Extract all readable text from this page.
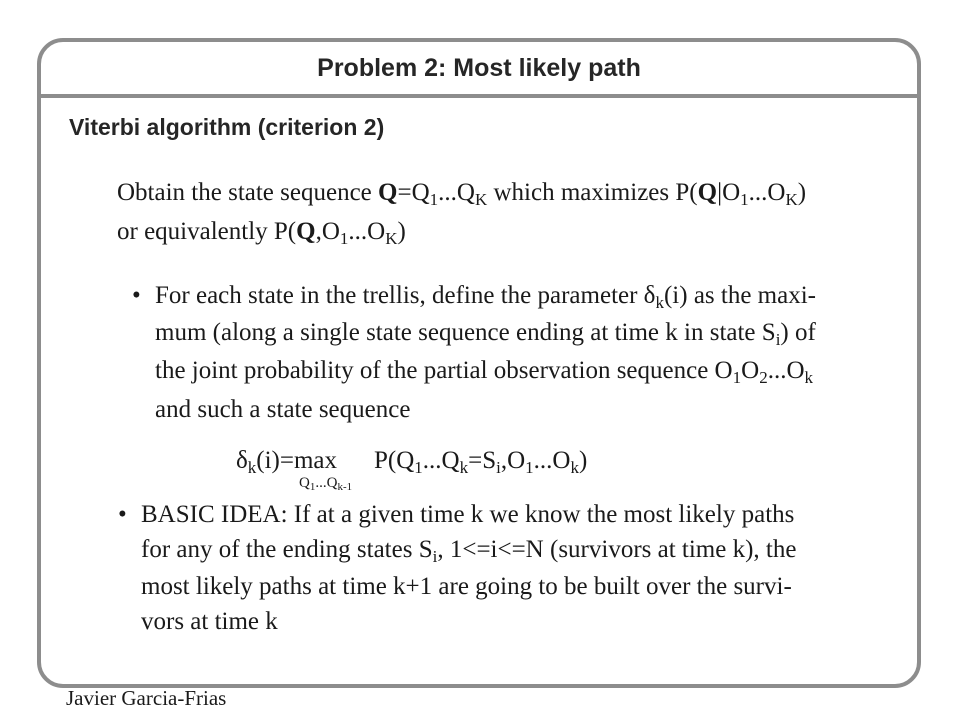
Problem 2: Most likely path
Viterbi algorithm (criterion 2)
Obtain the state sequence $Q=Q_1...Q_K$ which maximizes $P(Q|O_1...O_K)$
or equivalently $P(Q,O_1...O_K)$
• For each state in the trellis, define the parameter $\delta_k(i)$ as the maxi-
mum (along a single state sequence ending at time k in state $S_i$) of
the joint probability of the partial observation sequence $O_1O_2...O_k$
and such a state sequence
$\delta_k(i)=\max$ $P(Q_1...Q_k=S_i,O_1...O_k)$
$Q_1...Q_{k-1}$
• BASIC IDEA: If at a given time k we know the most likely paths
for any of the ending states $S_i$, 1<=i<=N (survivors at time k), the
most likely paths at time k+1 are going to be built over the survi-
vors at time k
Javier Garcia-Frias
